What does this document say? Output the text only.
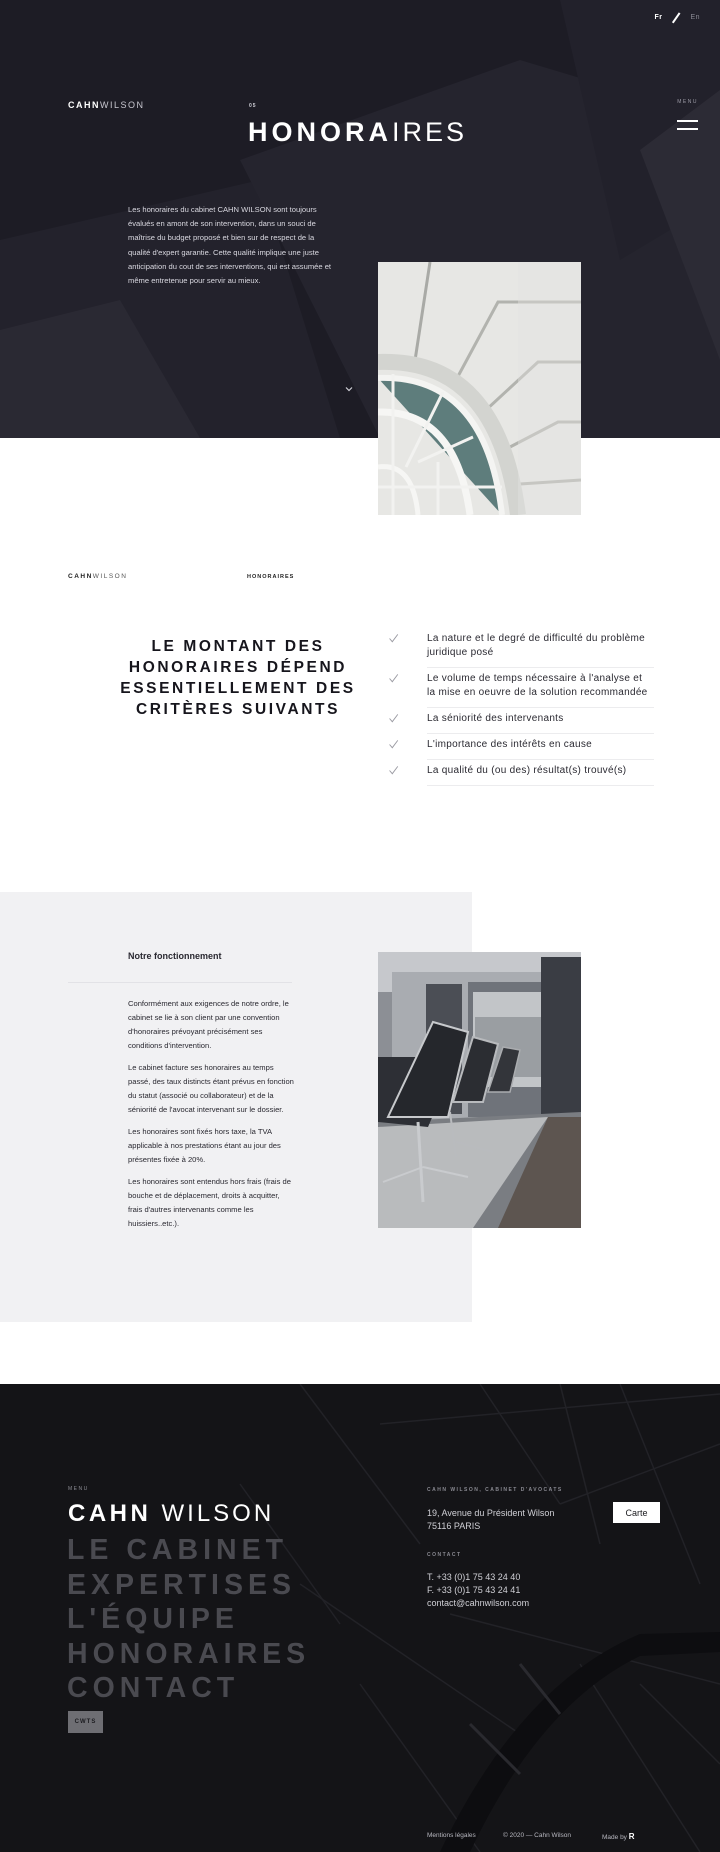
Fr	En
CAHN WILSON	05
HONORAIRES
MENU

Les honoraires du cabinet CAHN WILSON sont toujours évalués en amont de son intervention, dans un souci de maîtrise du budget proposé et bien sur de respect de la qualité d'expert garantie. Cette qualité implique une juste anticipation du cout de ses interventions, qui est assumée et même entretenue pour servir au mieux.

CAHN WILSON	HONORAIRES
LE MONTANT DES HONORAIRES DÉPEND ESSENTIELLEMENT DES CRITÈRES SUIVANTS
La nature et le degré de difficulté du problème juridique posé
Le volume de temps nécessaire à l'analyse et la mise en oeuvre de la solution recommandée
La séniorité des intervenants
L'importance des intérêts en cause
La qualité du (ou des) résultat(s) trouvé(s)
Notre fonctionnement

Conformément aux exigences de notre ordre, le cabinet se lie à son client par une convention d'honoraires prévoyant précisément ses conditions d'intervention.

Le cabinet facture ses honoraires au temps passé, des taux distincts étant prévus en fonction du statut (associé ou collaborateur) et de la séniorité de l'avocat intervenant sur le dossier.

Les honoraires sont fixés hors taxe, la TVA applicable à nos prestations étant au jour des présentes fixée à 20%.

Les honoraires sont entendus hors frais (frais de bouche et de déplacement, droits à acquitter, frais d'autres intervenants comme les huissiers..etc.).

MENU
CAHN
WILSON
LE CABINET
EXPERTISES
L'ÉQUIPE
HONORAIRES
CONTACT
CWTS
CAHN WILSON, CABINET D'AVOCATS
19, Avenue du Président Wilson
75116 PARIS
Carte
CONTACT
T. +33 (0)1 75 43 24 40
F. +33 (0)1 75 43 24 41
contact@cahnwilson.com
Mentions légales	© 2020 — Cahn Wilson	Made by R
